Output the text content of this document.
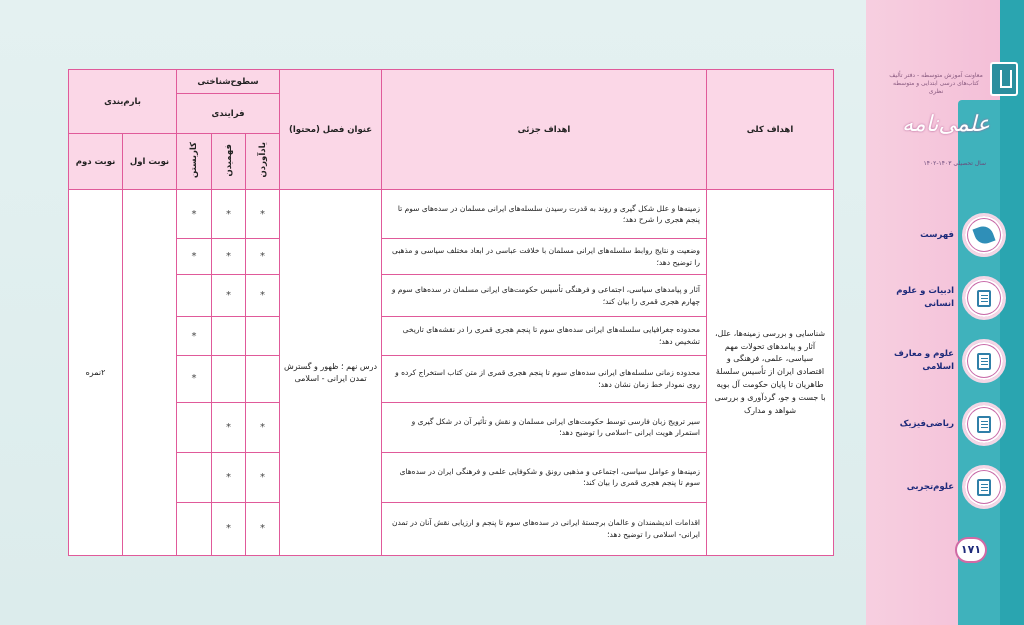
معاونت آموزش متوسطه ‐ دفتر تألیف کتاب‌های درسی ابتدایی و متوسطه نظری
علمی‌نامه
سال تحصیلی ۱۴۰۳‐۱۴۰۲
فهرست
ادبیات و علوم انسانی
علوم و معارف اسلامی
ریاضی‌فیزیک
علوم‌تجربی
۱۷۱
اهداف کلی	اهداف جزئی	عنوان فصل (محتوا)	سطوح‌شناختی			بارم‌بندی	
			فرایندی				
			یادآوردن	فهمیدن	کاربستن	نوبت اول	نوبت دوم
شناسایی و بررسی زمینه‌ها، علل، آثار و پیامدهای تحولات مهم سیاسی، علمی، فرهنگی و اقتصادی ایران از تأسیس سلسلهٔ طاهریان تا پایان حکومت آل بویه با جست و جو، گردآوری و بررسی شواهد و مدارک	زمینه‌ها و علل شکل گیری و روند به قدرت رسیدن سلسله‌های ایرانی مسلمان در سده‌های سوم تا پنجم هجری را شرح دهد؛	درس نهم ؛ ظهور و گسترش تمدن ایرانی ‐ اسلامی	*	*	*		۲نمره
	وضعیت و نتایج روابط سلسله‌های ایرانی مسلمان با خلافت عباسی در ابعاد مختلف سیاسی و مذهبی را توضیح دهد؛		*	*	*		
	آثار و پیامدهای سیاسی، اجتماعی و فرهنگی تأسیس حکومت‌های ایرانی مسلمان در سده‌های سوم و چهارم هجری قمری را بیان کند؛		*	*			
	محدوده جغرافیایی سلسله‌های ایرانی سده‌های سوم تا پنجم هجری قمری را در نقشه‌های تاریخی تشخیص دهد؛				*		
	محدوده زمانی سلسله‌های ایرانی سده‌های سوم تا پنجم هجری قمری از متن کتاب استخراج کرده و روی نمودار خط زمان نشان دهد؛				*		
	سیر ترویج زبان فارسی توسط حکومت‌های ایرانی مسلمان و نقش و تأثیر آن در شکل گیری و استمرار هویت ایرانی –اسلامی را توضیح دهد؛		*	*			
	زمینه‌ها و عوامل سیاسی، اجتماعی و مذهبی رونق و شکوفایی علمی و فرهنگی ایران در سده‌های سوم تا پنجم هجری قمری را بیان کند؛		*	*			
	اقدامات اندیشمندان و عالمان برجستهٔ ایرانی در سده‌های سوم تا پنجم و ارزیابی نقش آنان در تمدن ایرانی‐ اسلامی را توضیح دهد؛		*	*			
